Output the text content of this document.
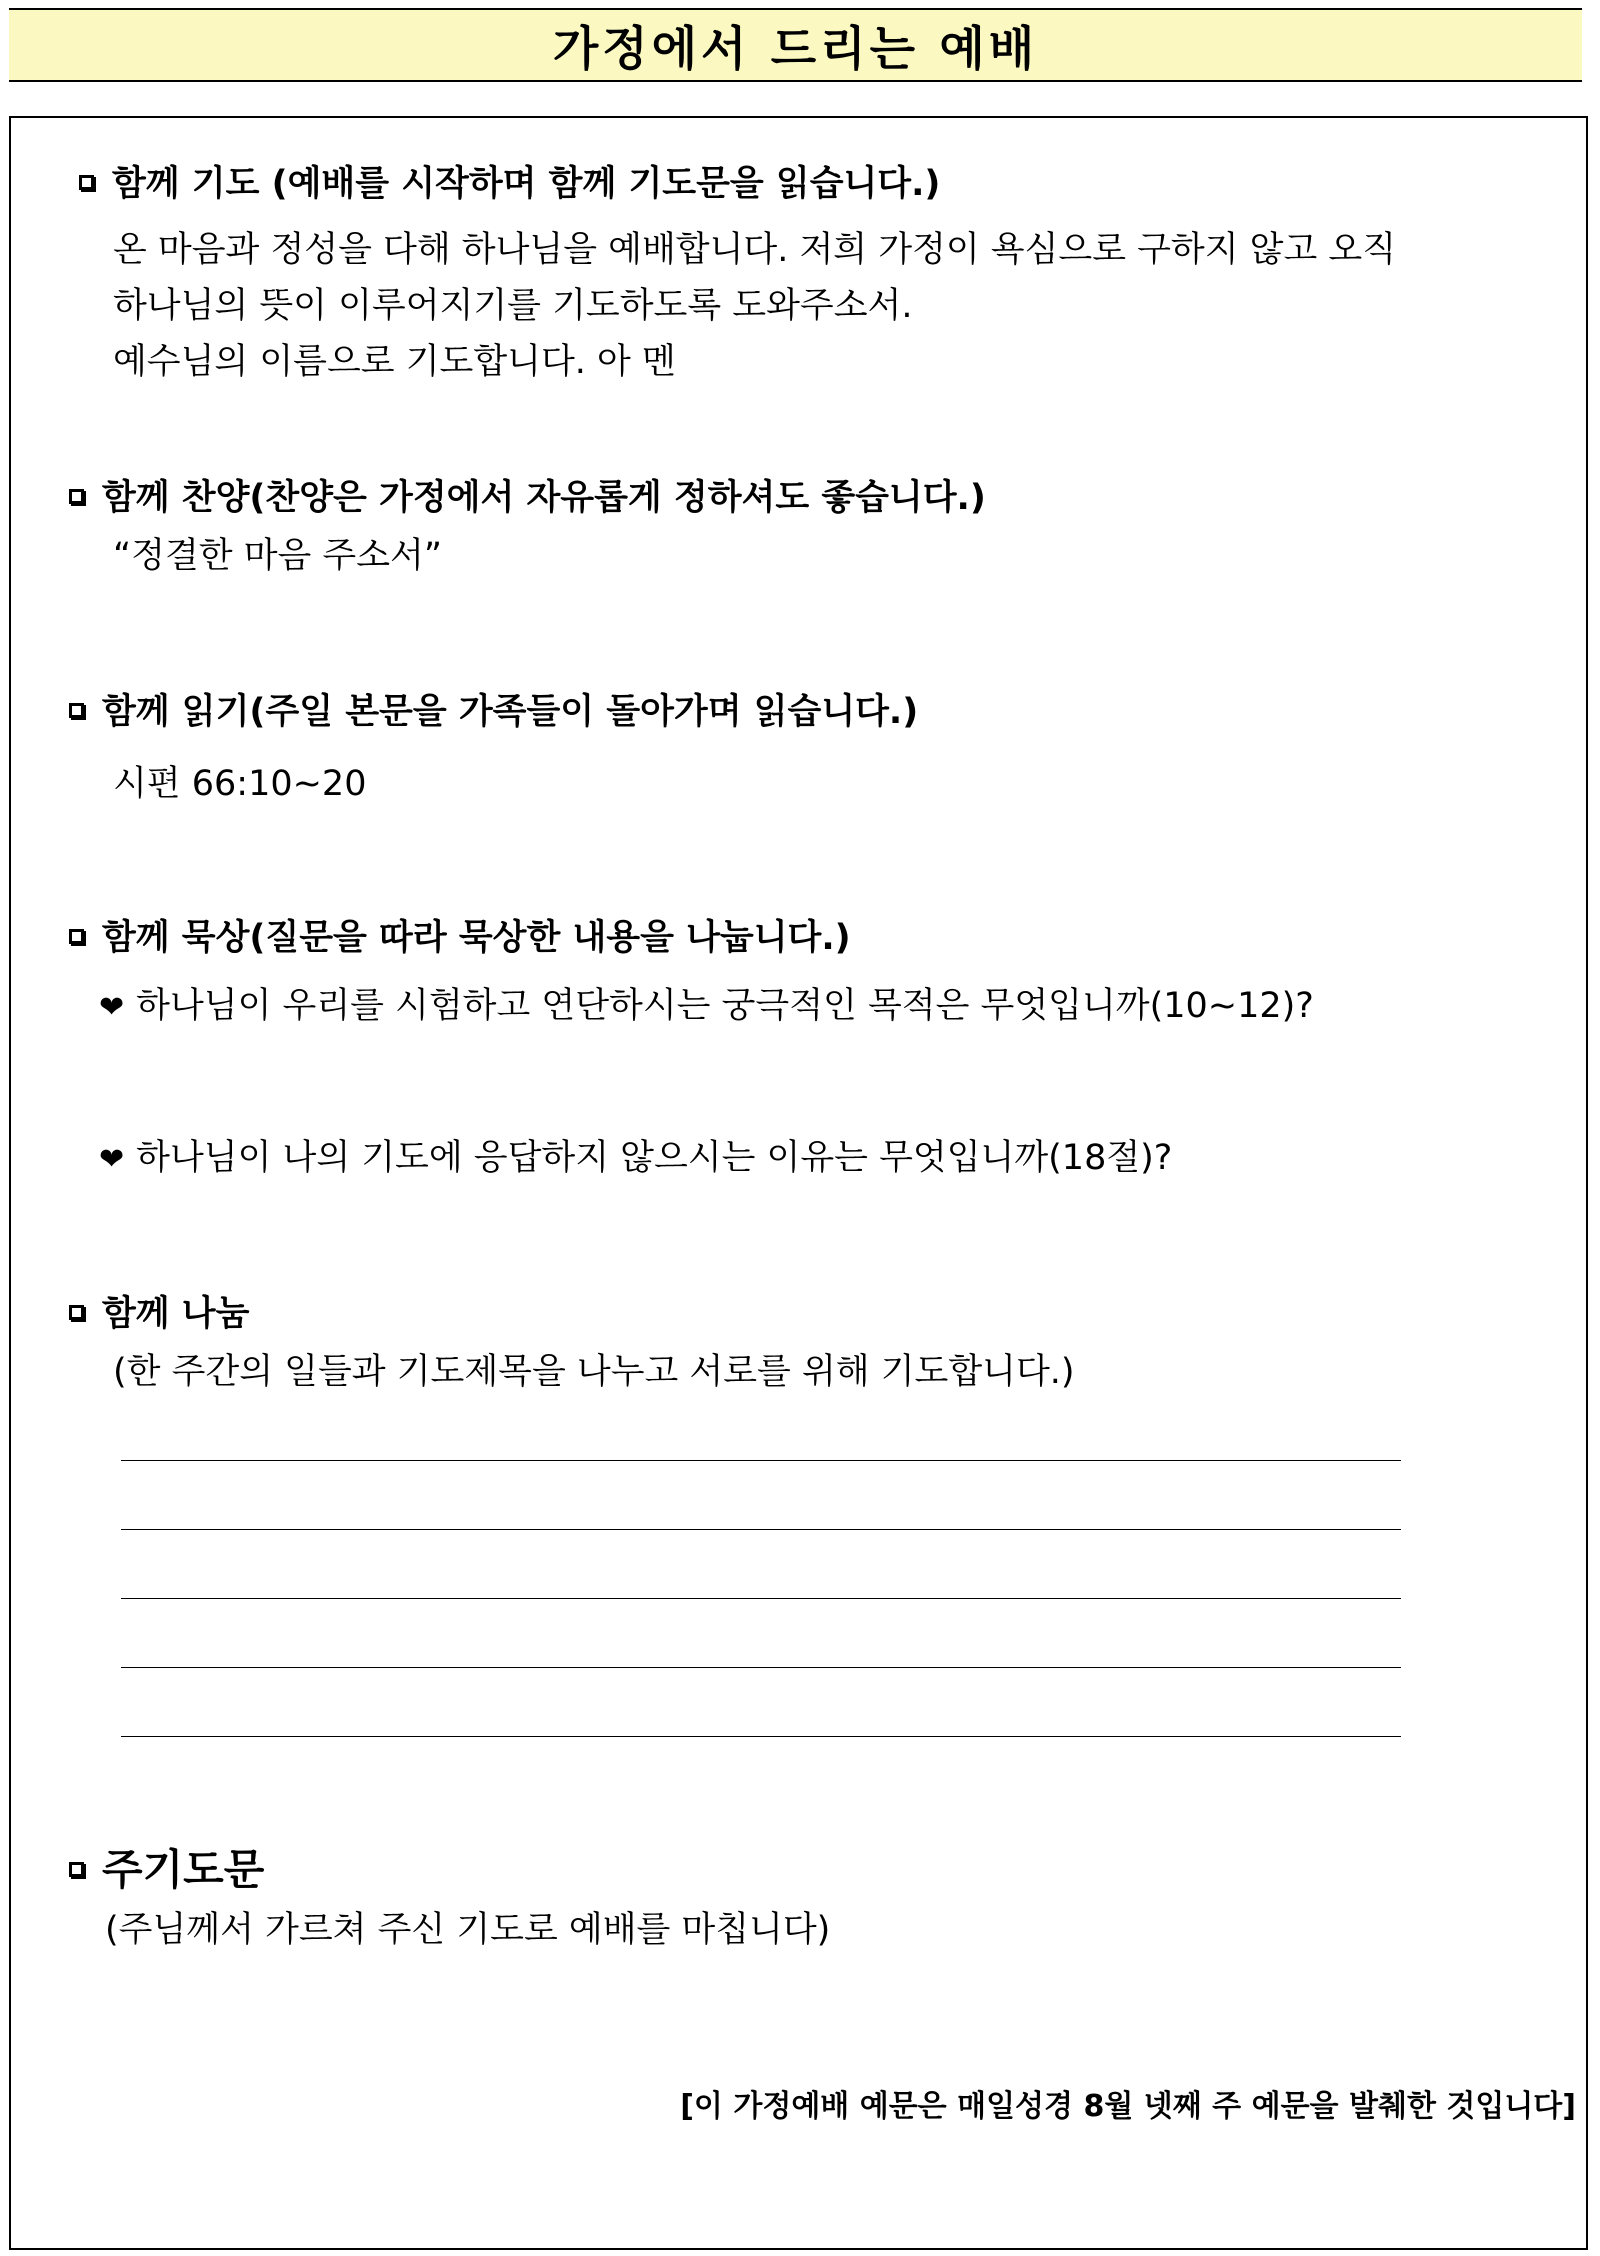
가정에서 드리는 예배
함께 기도 (예배를 시작하며 함께 기도문을 읽습니다.)
온 마음과 정성을 다해 하나님을 예배합니다. 저희 가정이 욕심으로 구하지 않고 오직
하나님의 뜻이 이루어지기를 기도하도록 도와주소서.
예수님의 이름으로 기도합니다. 아 멘
함께 찬양(찬양은 가정에서 자유롭게 정하셔도 좋습니다.)
“정결한 마음 주소서”
함께 읽기(주일 본문을 가족들이 돌아가며 읽습니다.)
시편 66:10~20
함께 묵상(질문을 따라 묵상한 내용을 나눕니다.)
❤ 하나님이 우리를 시험하고 연단하시는 궁극적인 목적은 무엇입니까(10~12)?
❤ 하나님이 나의 기도에 응답하지 않으시는 이유는 무엇입니까(18절)?
함께 나눔
(한 주간의 일들과 기도제목을 나누고 서로를 위해 기도합니다.)
주기도문
(주님께서 가르쳐 주신 기도로 예배를 마칩니다)
[이 가정예배 예문은 매일성경 8월 넷째 주 예문을 발췌한 것입니다]
